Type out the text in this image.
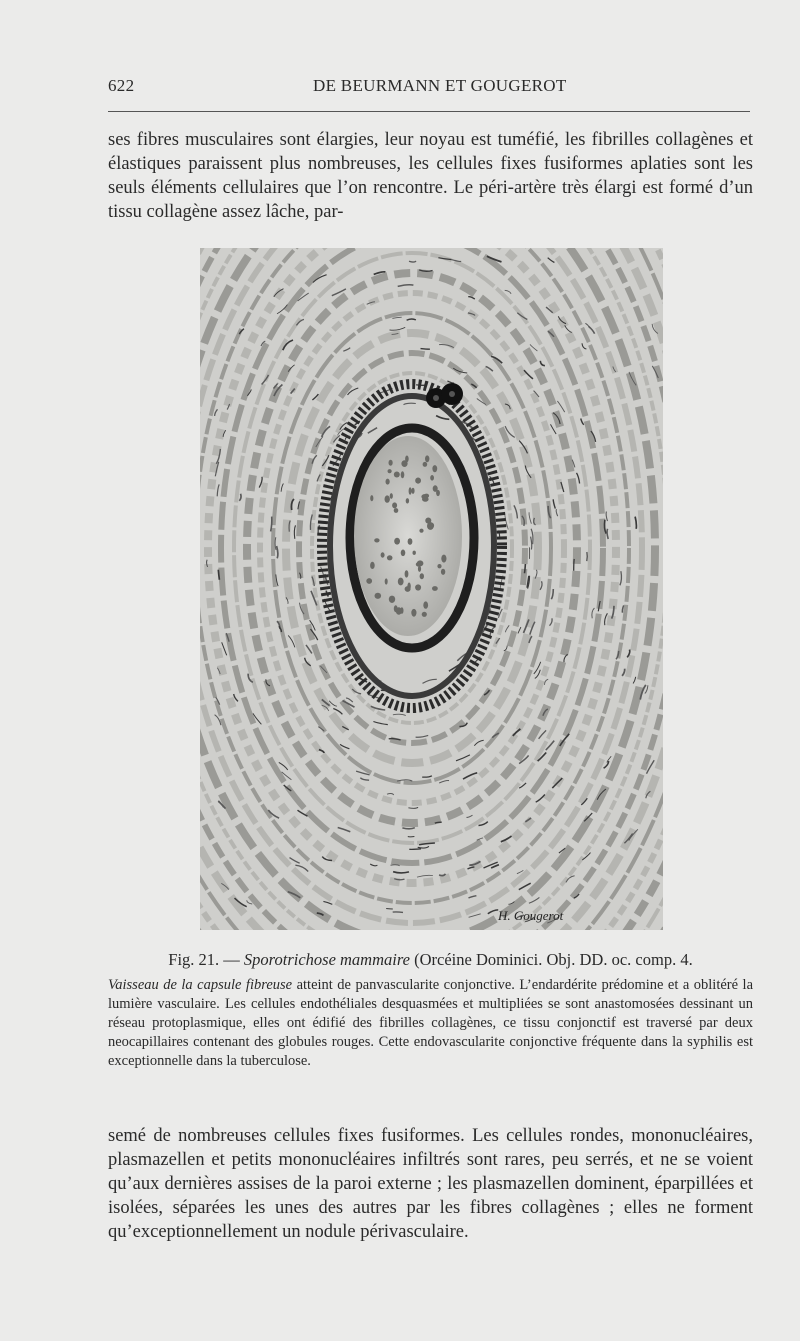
622	DE BEURMANN ET GOUGEROT

ses fibres musculaires sont élargies, leur noyau est tuméfié, les fibrilles collagènes et élastiques paraissent plus nombreuses, les cellules fixes fusiformes aplaties sont les seuls éléments cellulaires que l’on rencontre. Le péri-artère très élargi est formé d’un tissu collagène assez lâche, par-

H. Gougerot

Fig. 21. — Sporotrichose mammaire (Orcéine Dominici. Obj. DD. oc. comp. 4.

Vaisseau de la capsule fibreuse atteint de panvascularite conjonctive. L’endardérite prédomine et a oblitéré la lumière vasculaire. Les cellules endothéliales desquasmées et multipliées se sont anastomosées dessinant un réseau protoplasmique, elles ont édifié des fibrilles collagènes, ce tissu conjonctif est traversé par deux neocapillaires contenant des globules rouges. Cette endovascularite conjonctive fréquente dans la syphilis est exceptionnelle dans la tuberculose.

semé de nombreuses cellules fixes fusiformes. Les cellules rondes, mononucléaires, plasmazellen et petits mononucléaires infiltrés sont rares, peu serrés, et ne se voient qu’aux dernières assises de la paroi externe ; les plasmazellen dominent, éparpillées et isolées, séparées les unes des autres par les fibres collagènes ; elles ne forment qu’exceptionnellement un nodule périvasculaire.
